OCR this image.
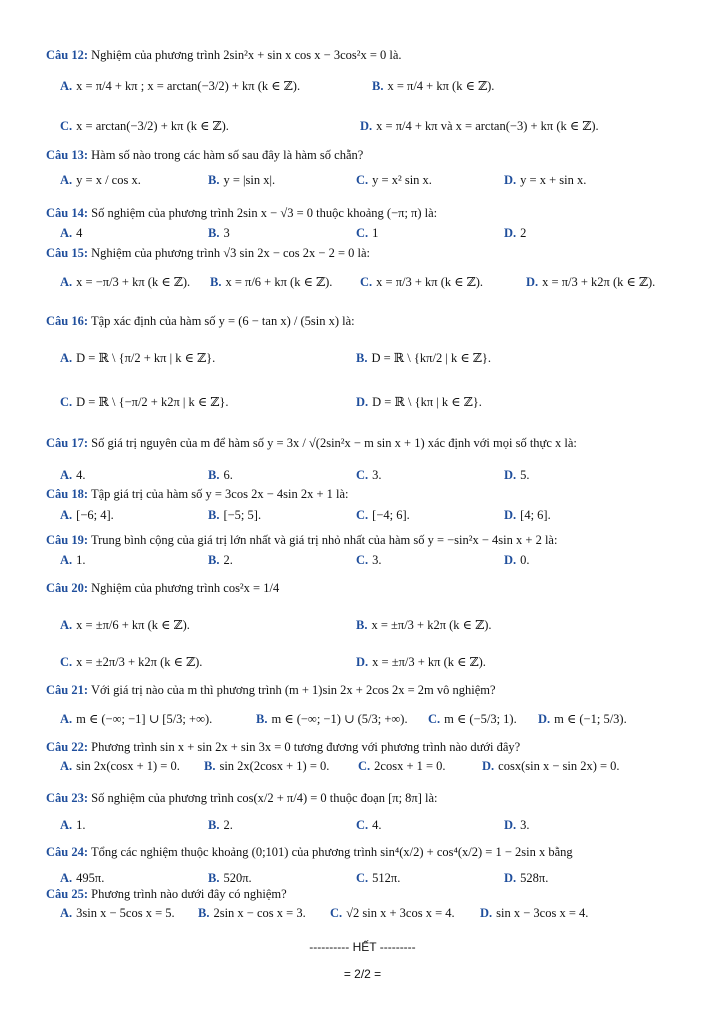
Câu 12: Nghiệm của phương trình 2sin²x + sin x cos x − 3cos²x = 0 là.
A. x = π/4 + kπ ; x = arctan(−3/2) + kπ (k ∈ ℤ).	B. x = π/4 + kπ (k ∈ ℤ).
C. x = arctan(−3/2) + kπ (k ∈ ℤ).	D. x = π/4 + kπ và x = arctan(−3) + kπ (k ∈ ℤ).
Câu 13: Hàm số nào trong các hàm số sau đây là hàm số chẵn?
A. y = x / cos x.	B. y = |sin x|.	C. y = x² sin x.	D. y = x + sin x.
Câu 14: Số nghiệm của phương trình 2sin x − √3 = 0 thuộc khoảng (−π; π) là:
A. 4	B. 3	C. 1	D. 2
Câu 15: Nghiệm của phương trình √3 sin 2x − cos 2x − 2 = 0 là:
A. x = −π/3 + kπ (k ∈ ℤ). B. x = π/6 + kπ (k ∈ ℤ). C. x = π/3 + kπ (k ∈ ℤ).	D. x = π/3 + k2π (k ∈ ℤ).
Câu 16: Tập xác định của hàm số y = (6 − tan x) / (5sin x) là:
A. D = ℝ \ {π/2 + kπ | k ∈ ℤ}.	B. D = ℝ \ {kπ/2 | k ∈ ℤ}.
C. D = ℝ \ {−π/2 + k2π | k ∈ ℤ}.	D. D = ℝ \ {kπ | k ∈ ℤ}.
Câu 17: Số giá trị nguyên của m để hàm số y = 3x / √(2sin²x − m sin x + 1) xác định với mọi số thực x là:
A. 4.	B. 6.	C. 3.	D. 5.
Câu 18: Tập giá trị của hàm số y = 3cos 2x − 4sin 2x + 1 là:
A. [−6; 4].	B. [−5; 5].	C. [−4; 6].	D. [4; 6].
Câu 19: Trung bình cộng của giá trị lớn nhất và giá trị nhỏ nhất của hàm số y = −sin²x − 4sin x + 2 là:
A. 1.	B. 2.	C. 3.	D. 0.
Câu 20: Nghiệm của phương trình cos²x = 1/4
A. x = ±π/6 + kπ (k ∈ ℤ).	B. x = ±π/3 + k2π (k ∈ ℤ).
C. x = ±2π/3 + k2π (k ∈ ℤ).	D. x = ±π/3 + kπ (k ∈ ℤ).
Câu 21: Với giá trị nào của m thì phương trình (m + 1)sin 2x + 2cos 2x = 2m vô nghiệm?
A. m ∈ (−∞; −1] ∪ [5/3; +∞).	B. m ∈ (−∞; −1) ∪ (5/3; +∞). C. m ∈ (−5/3; 1). D. m ∈ (−1; 5/3).
Câu 22: Phương trình sin x + sin 2x + sin 3x = 0 tương đương với phương trình nào dưới đây?
A. sin 2x(cosx + 1) = 0. B. sin 2x(2cosx + 1) = 0. C. 2cosx + 1 = 0.	D. cosx(sin x − sin 2x) = 0.
Câu 23: Số nghiệm của phương trình cos(x/2 + π/4) = 0 thuộc đoạn [π; 8π] là:
A. 1.	B. 2.	C. 4.	D. 3.
Câu 24: Tổng các nghiệm thuộc khoảng (0;101) của phương trình sin⁴(x/2) + cos⁴(x/2) = 1 − 2sin x bằng
A. 495π.	B. 520π.	C. 512π.	D. 528π.
Câu 25: Phương trình nào dưới đây có nghiệm?
A. 3sin x − 5cos x = 5. B. 2sin x − cos x = 3. C. √2 sin x + 3cos x = 4. D. sin x − 3cos x = 4.
---------- HẾT ---------
= 2/2 =
